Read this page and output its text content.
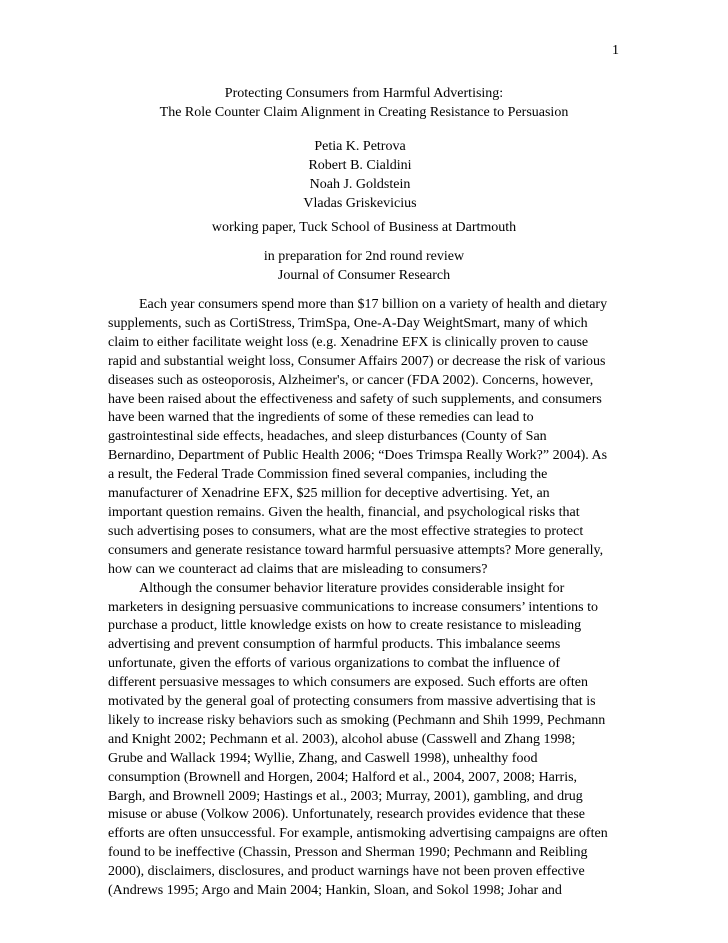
1
Protecting Consumers from Harmful Advertising:
The Role Counter Claim Alignment in Creating Resistance to Persuasion
Petia K. Petrova
Robert B. Cialdini
Noah J. Goldstein
Vladas Griskevicius
working paper, Tuck School of Business at Dartmouth
in preparation for 2nd round review
Journal of Consumer Research
Each year consumers spend more than $17 billion on a variety of health and dietary
supplements, such as CortiStress, TrimSpa, One-A-Day WeightSmart, many of which
claim to either facilitate weight loss (e.g. Xenadrine EFX is clinically proven to cause
rapid and substantial weight loss, Consumer Affairs 2007) or decrease the risk of various
diseases such as osteoporosis, Alzheimer's, or cancer (FDA 2002). Concerns, however,
have been raised about the effectiveness and safety of such supplements, and consumers
have been warned that the ingredients of some of these remedies can lead to
gastrointestinal side effects, headaches, and sleep disturbances (County of San
Bernardino, Department of Public Health 2006; “Does Trimspa Really Work?” 2004). As
a result, the Federal Trade Commission fined several companies, including the
manufacturer of Xenadrine EFX, $25 million for deceptive advertising. Yet, an
important question remains. Given the health, financial, and psychological risks that
such advertising poses to consumers, what are the most effective strategies to protect
consumers and generate resistance toward harmful persuasive attempts? More generally,
how can we counteract ad claims that are misleading to consumers?
Although the consumer behavior literature provides considerable insight for
marketers in designing persuasive communications to increase consumers’ intentions to
purchase a product, little knowledge exists on how to create resistance to misleading
advertising and prevent consumption of harmful products. This imbalance seems
unfortunate, given the efforts of various organizations to combat the influence of
different persuasive messages to which consumers are exposed. Such efforts are often
motivated by the general goal of protecting consumers from massive advertising that is
likely to increase risky behaviors such as smoking (Pechmann and Shih 1999, Pechmann
and Knight 2002; Pechmann et al. 2003), alcohol abuse (Casswell and Zhang 1998;
Grube and Wallack 1994; Wyllie, Zhang, and Caswell 1998), unhealthy food
consumption (Brownell and Horgen, 2004; Halford et al., 2004, 2007, 2008; Harris,
Bargh, and Brownell 2009; Hastings et al., 2003; Murray, 2001), gambling, and drug
misuse or abuse (Volkow 2006). Unfortunately, research provides evidence that these
efforts are often unsuccessful. For example, antismoking advertising campaigns are often
found to be ineffective (Chassin, Presson and Sherman 1990; Pechmann and Reibling
2000), disclaimers, disclosures, and product warnings have not been proven effective
(Andrews 1995; Argo and Main 2004; Hankin, Sloan, and Sokol 1998; Johar and
